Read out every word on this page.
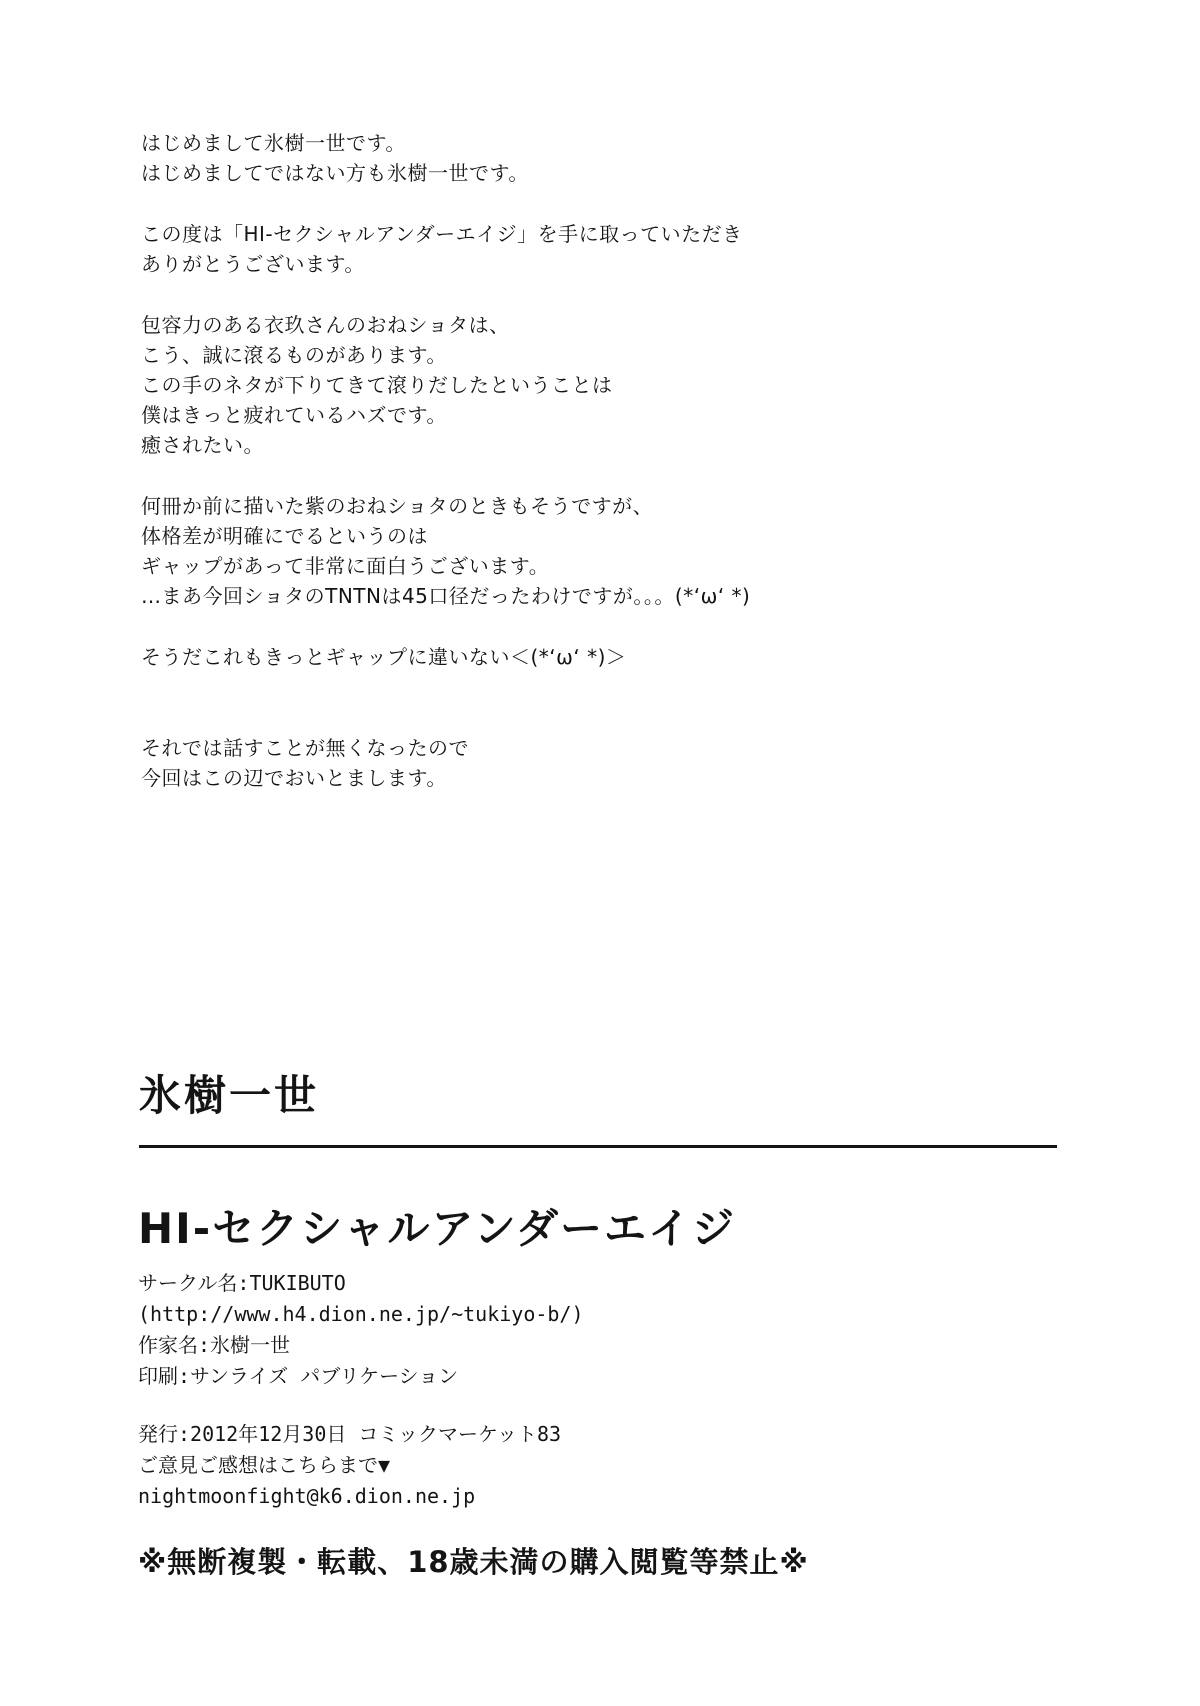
はじめまして氷樹一世です。
はじめましてではない方も氷樹一世です。
この度は「HI-セクシャルアンダーエイジ」を手に取っていただき
ありがとうございます。
包容力のある衣玖さんのおねショタは、
こう、誠に滾るものがあります。
この手のネタが下りてきて滾りだしたということは
僕はきっと疲れているハズです。
癒されたい。
何冊か前に描いた紫のおねショタのときもそうですが、
体格差が明確にでるというのは
ギャップがあって非常に面白うございます。
…まあ今回ショタのTNTNは45口径だったわけですが。。。(*‘ω‘ *)
そうだこれもきっとギャップに違いない＜(*‘ω‘ *)＞
それでは話すことが無くなったので
今回はこの辺でおいとまします。
氷樹一世
HI-セクシャルアンダーエイジ
サークル名:TUKIBUTO
(http://www.h4.dion.ne.jp/~tukiyo-b/)
作家名:氷樹一世
印刷:サンライズ パブリケーション
発行:2012年12月30日 コミックマーケット83
ご意見ご感想はこちらまで▼
nightmoonfight@k6.dion.ne.jp
※無断複製・転載、18歳未満の購入閲覧等禁止※
